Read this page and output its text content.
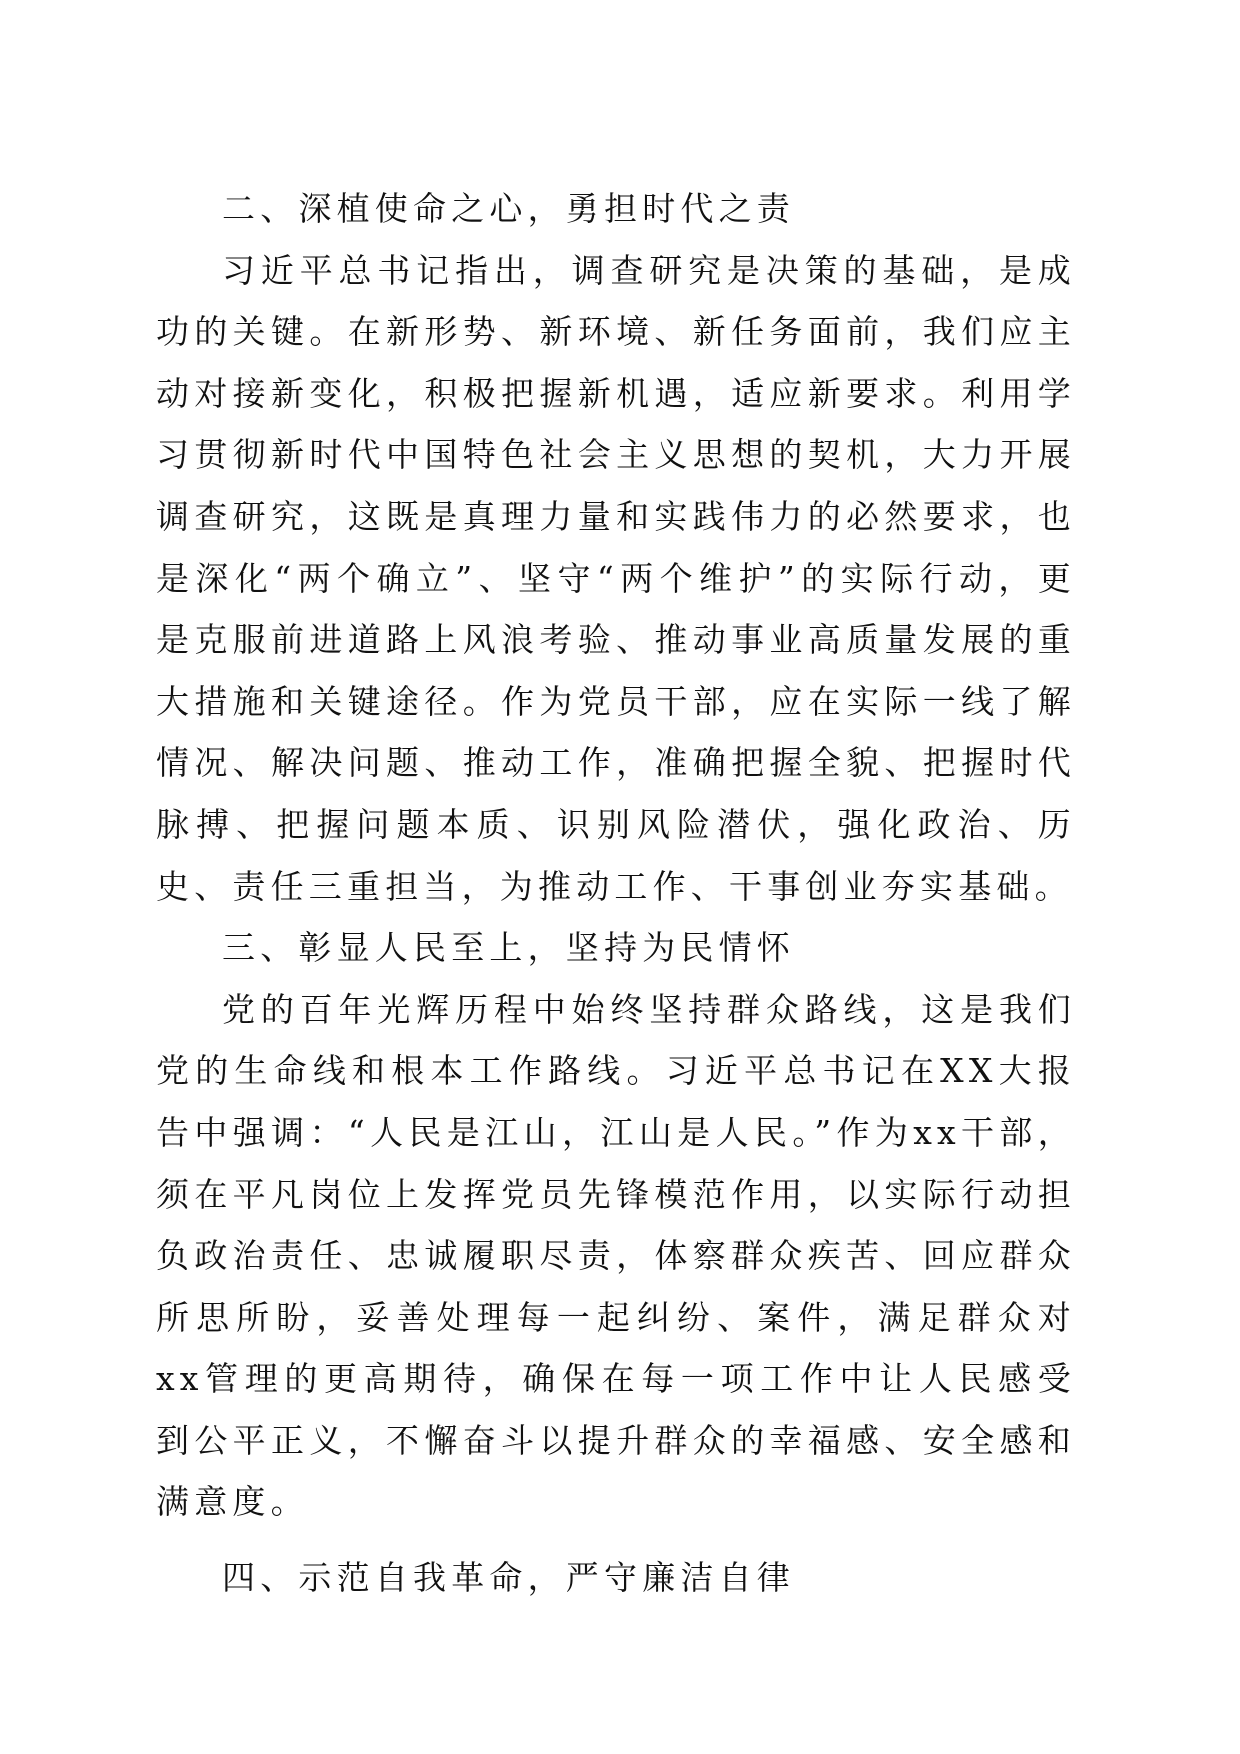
二、深植使命之心，勇担时代之责

习近平总书记指出，调查研究是决策的基础，是成功的关键。在新形势、新环境、新任务面前，我们应主动对接新变化，积极把握新机遇，适应新要求。利用学习贯彻新时代中国特色社会主义思想的契机，大力开展调查研究，这既是真理力量和实践伟力的必然要求，也是深化“两个确立”、坚守“两个维护”的实际行动，更是克服前进道路上风浪考验、推动事业高质量发展的重大措施和关键途径。作为党员干部，应在实际一线了解情况、解决问题、推动工作，准确把握全貌、把握时代脉搏、把握问题本质、识别风险潜伏，强化政治、历史、责任三重担当，为推动工作、干事创业夯实基础。

三、彰显人民至上，坚持为民情怀

党的百年光辉历程中始终坚持群众路线，这是我们党的生命线和根本工作路线。习近平总书记在XX大报告中强调：“人民是江山，江山是人民。”作为xx干部，须在平凡岗位上发挥党员先锋模范作用，以实际行动担负政治责任、忠诚履职尽责，体察群众疾苦、回应群众所思所盼，妥善处理每一起纠纷、案件，满足群众对xx管理的更高期待，确保在每一项工作中让人民感受到公平正义，不懈奋斗以提升群众的幸福感、安全感和满意度。

四、示范自我革命，严守廉洁自律
